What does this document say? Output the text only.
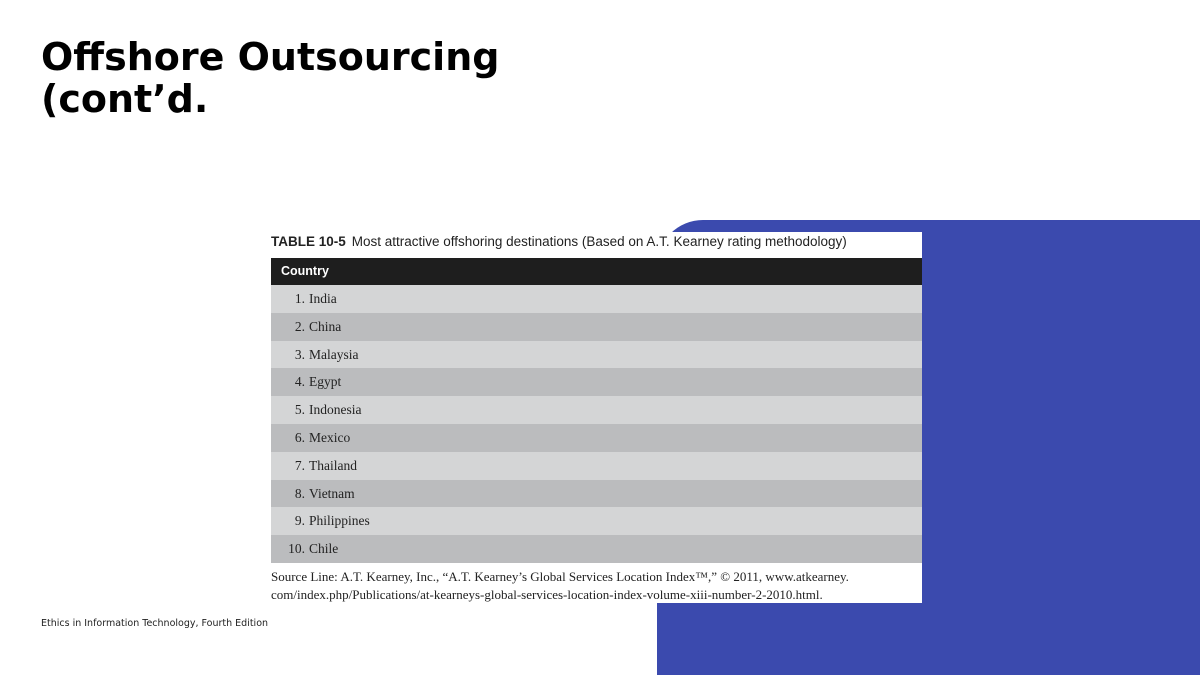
Offshore Outsourcing
(cont’d.
TABLE 10-5 Most attractive offshoring destinations (Based on A.T. Kearney rating methodology)
Country
1. India
2. China
3. Malaysia
4. Egypt
5. Indonesia
6. Mexico
7. Thailand
8. Vietnam
9. Philippines
10. Chile
Source Line: A.T. Kearney, Inc., “A.T. Kearney’s Global Services Location Index™,” © 2011, www.atkearney.
com/index.php/Publications/at-kearneys-global-services-location-index-volume-xiii-number-2-2010.html.
Ethics in Information Technology, Fourth Edition
